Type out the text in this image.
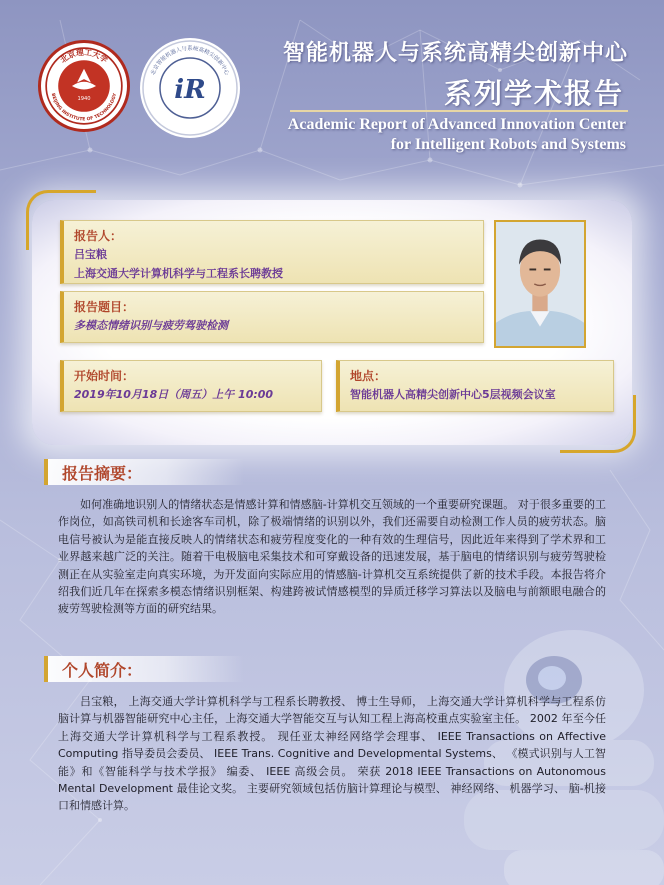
1940
北京理工大学
BEIJING INSTITUTE OF TECHNOLOGY
北京智能机器人与系统高精尖创新中心
iR
智能机器人与系统高精尖创新中心
系列学术报告
Academic Report of Advanced Innovation Center
for Intelligent Robots and Systems
报告人：
吕宝粮
上海交通大学计算机科学与工程系长聘教授
报告题目：
多模态情绪识别与疲劳驾驶检测
开始时间：
2019年10月18日（周五）上午 10:00
地点：
智能机器人高精尖创新中心5层视频会议室
报告摘要：
如何准确地识别人的情绪状态是情感计算和情感脑-计算机交互领域的一个重要研究课题。 对于很多重要的工作岗位，如高铁司机和长途客车司机，除了极端情绪的识别以外，我们还需要自动检测工作人员的疲劳状态。脑电信号被认为是能直接反映人的情绪状态和疲劳程度变化的一种有效的生理信号，因此近年来得到了学术界和工业界越来越广泛的关注。随着干电极脑电采集技术和可穿戴设备的迅速发展，基于脑电的情绪识别与疲劳驾驶检测正在从实验室走向真实环境，为开发面向实际应用的情感脑-计算机交互系统提供了新的技术手段。本报告将介绍我们近几年在探索多模态情绪识别框架、构建跨被试情感模型的异质迁移学习算法以及脑电与前额眼电融合的疲劳驾驶检测等方面的研究结果。
个人简介：
吕宝粮， 上海交通大学计算机科学与工程系长聘教授、 博士生导师， 上海交通大学计算机科学与工程系仿脑计算与机器智能研究中心主任，上海交通大学智能交互与认知工程上海高校重点实验室主任。 2002 年至今任上海交通大学计算机科学与工程系教授。 现任亚太神经网络学会理事、 IEEE Transactions on Affective Computing 指导委员会委员、 IEEE Trans. Cognitive and Developmental Systems、 《模式识别与人工智能》和《智能科学与技术学报》 编委、 IEEE 高级会员。 荣获 2018 IEEE Transactions on Autonomous Mental Development 最佳论文奖。 主要研究领域包括仿脑计算理论与模型、 神经网络、 机器学习、 脑-机接口和情感计算。
